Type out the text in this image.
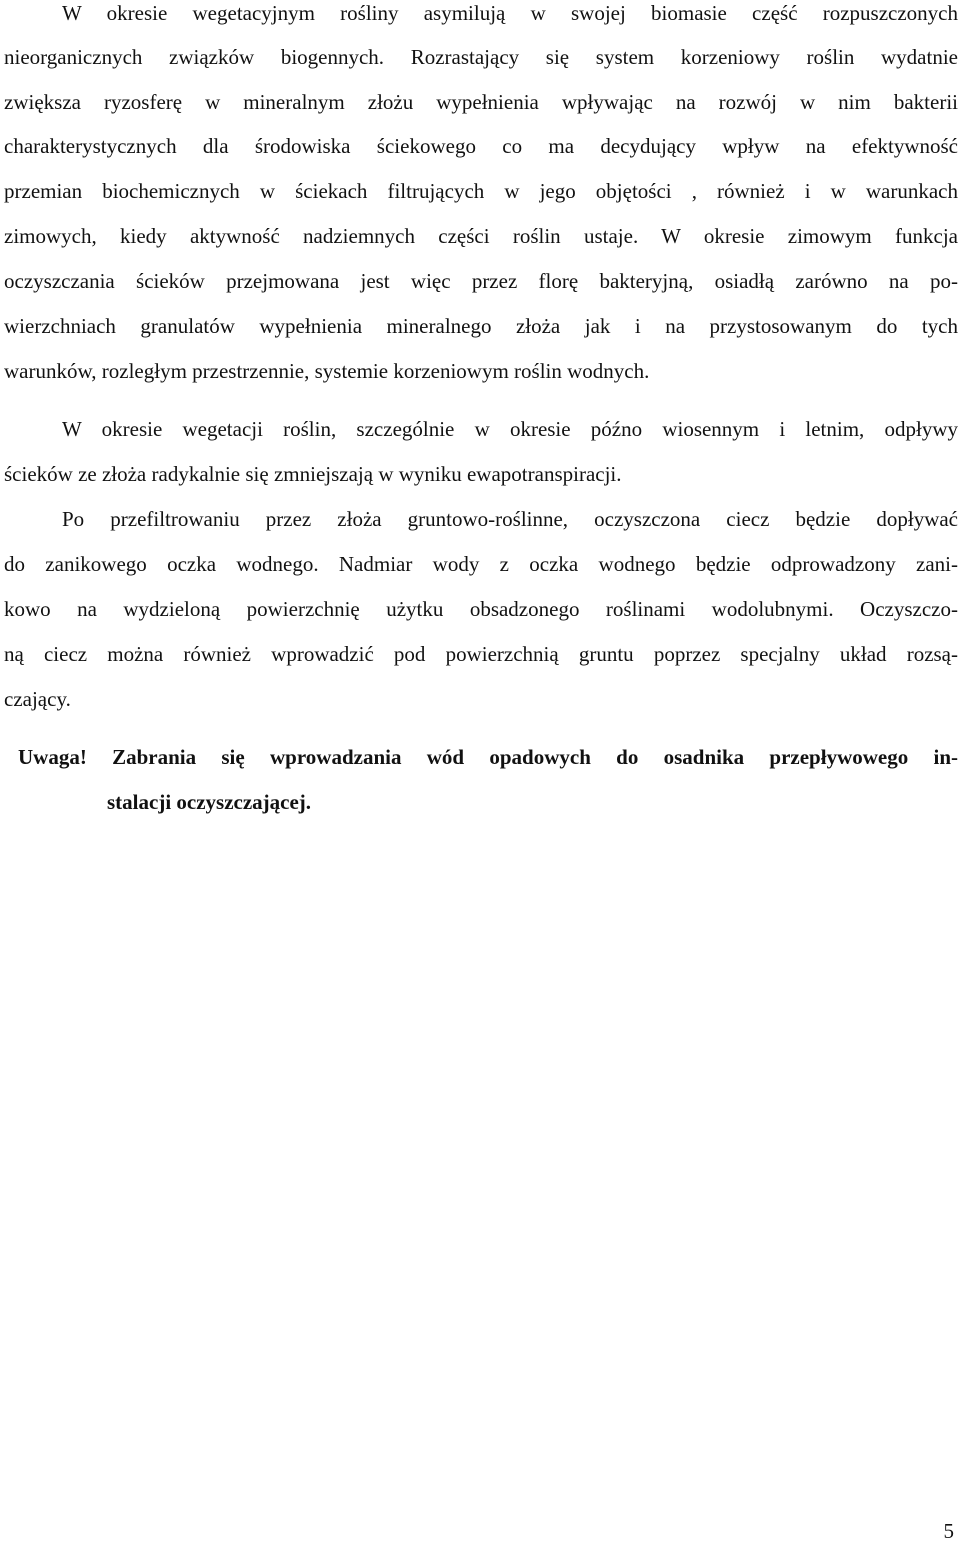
W okresie wegetacyjnym rośliny asymilują w swojej biomasie część rozpuszczonych
nieorganicznych związków biogennych. Rozrastający się system korzeniowy roślin wydatnie
zwiększa ryzosferę w mineralnym złożu wypełnienia wpływając na rozwój w nim bakterii
charakterystycznych dla środowiska ściekowego co ma decydujący wpływ na efektywność
przemian biochemicznych w ściekach filtrujących w jego objętości , również i w warunkach
zimowych, kiedy aktywność nadziemnych części roślin ustaje. W okresie zimowym funkcja
oczyszczania ścieków przejmowana jest więc przez florę bakteryjną, osiadłą zarówno na po-
wierzchniach granulatów wypełnienia mineralnego złoża jak i na przystosowanym do tych
warunków, rozległym przestrzennie, systemie korzeniowym roślin wodnych.
W okresie wegetacji roślin, szczególnie w okresie późno wiosennym i letnim, odpływy
ścieków ze złoża radykalnie się zmniejszają w wyniku ewapotranspiracji.
Po przefiltrowaniu przez złoża gruntowo-roślinne, oczyszczona ciecz będzie dopływać
do zanikowego oczka wodnego. Nadmiar wody z oczka wodnego będzie odprowadzony zani-
kowo na wydzieloną powierzchnię użytku obsadzonego roślinami wodolubnymi. Oczyszczo-
ną ciecz można również wprowadzić pod powierzchnią gruntu poprzez specjalny układ rozsą-
czający.
Uwaga! Zabrania się wprowadzania wód opadowych do osadnika przepływowego in-
stalacji oczyszczającej.
5
